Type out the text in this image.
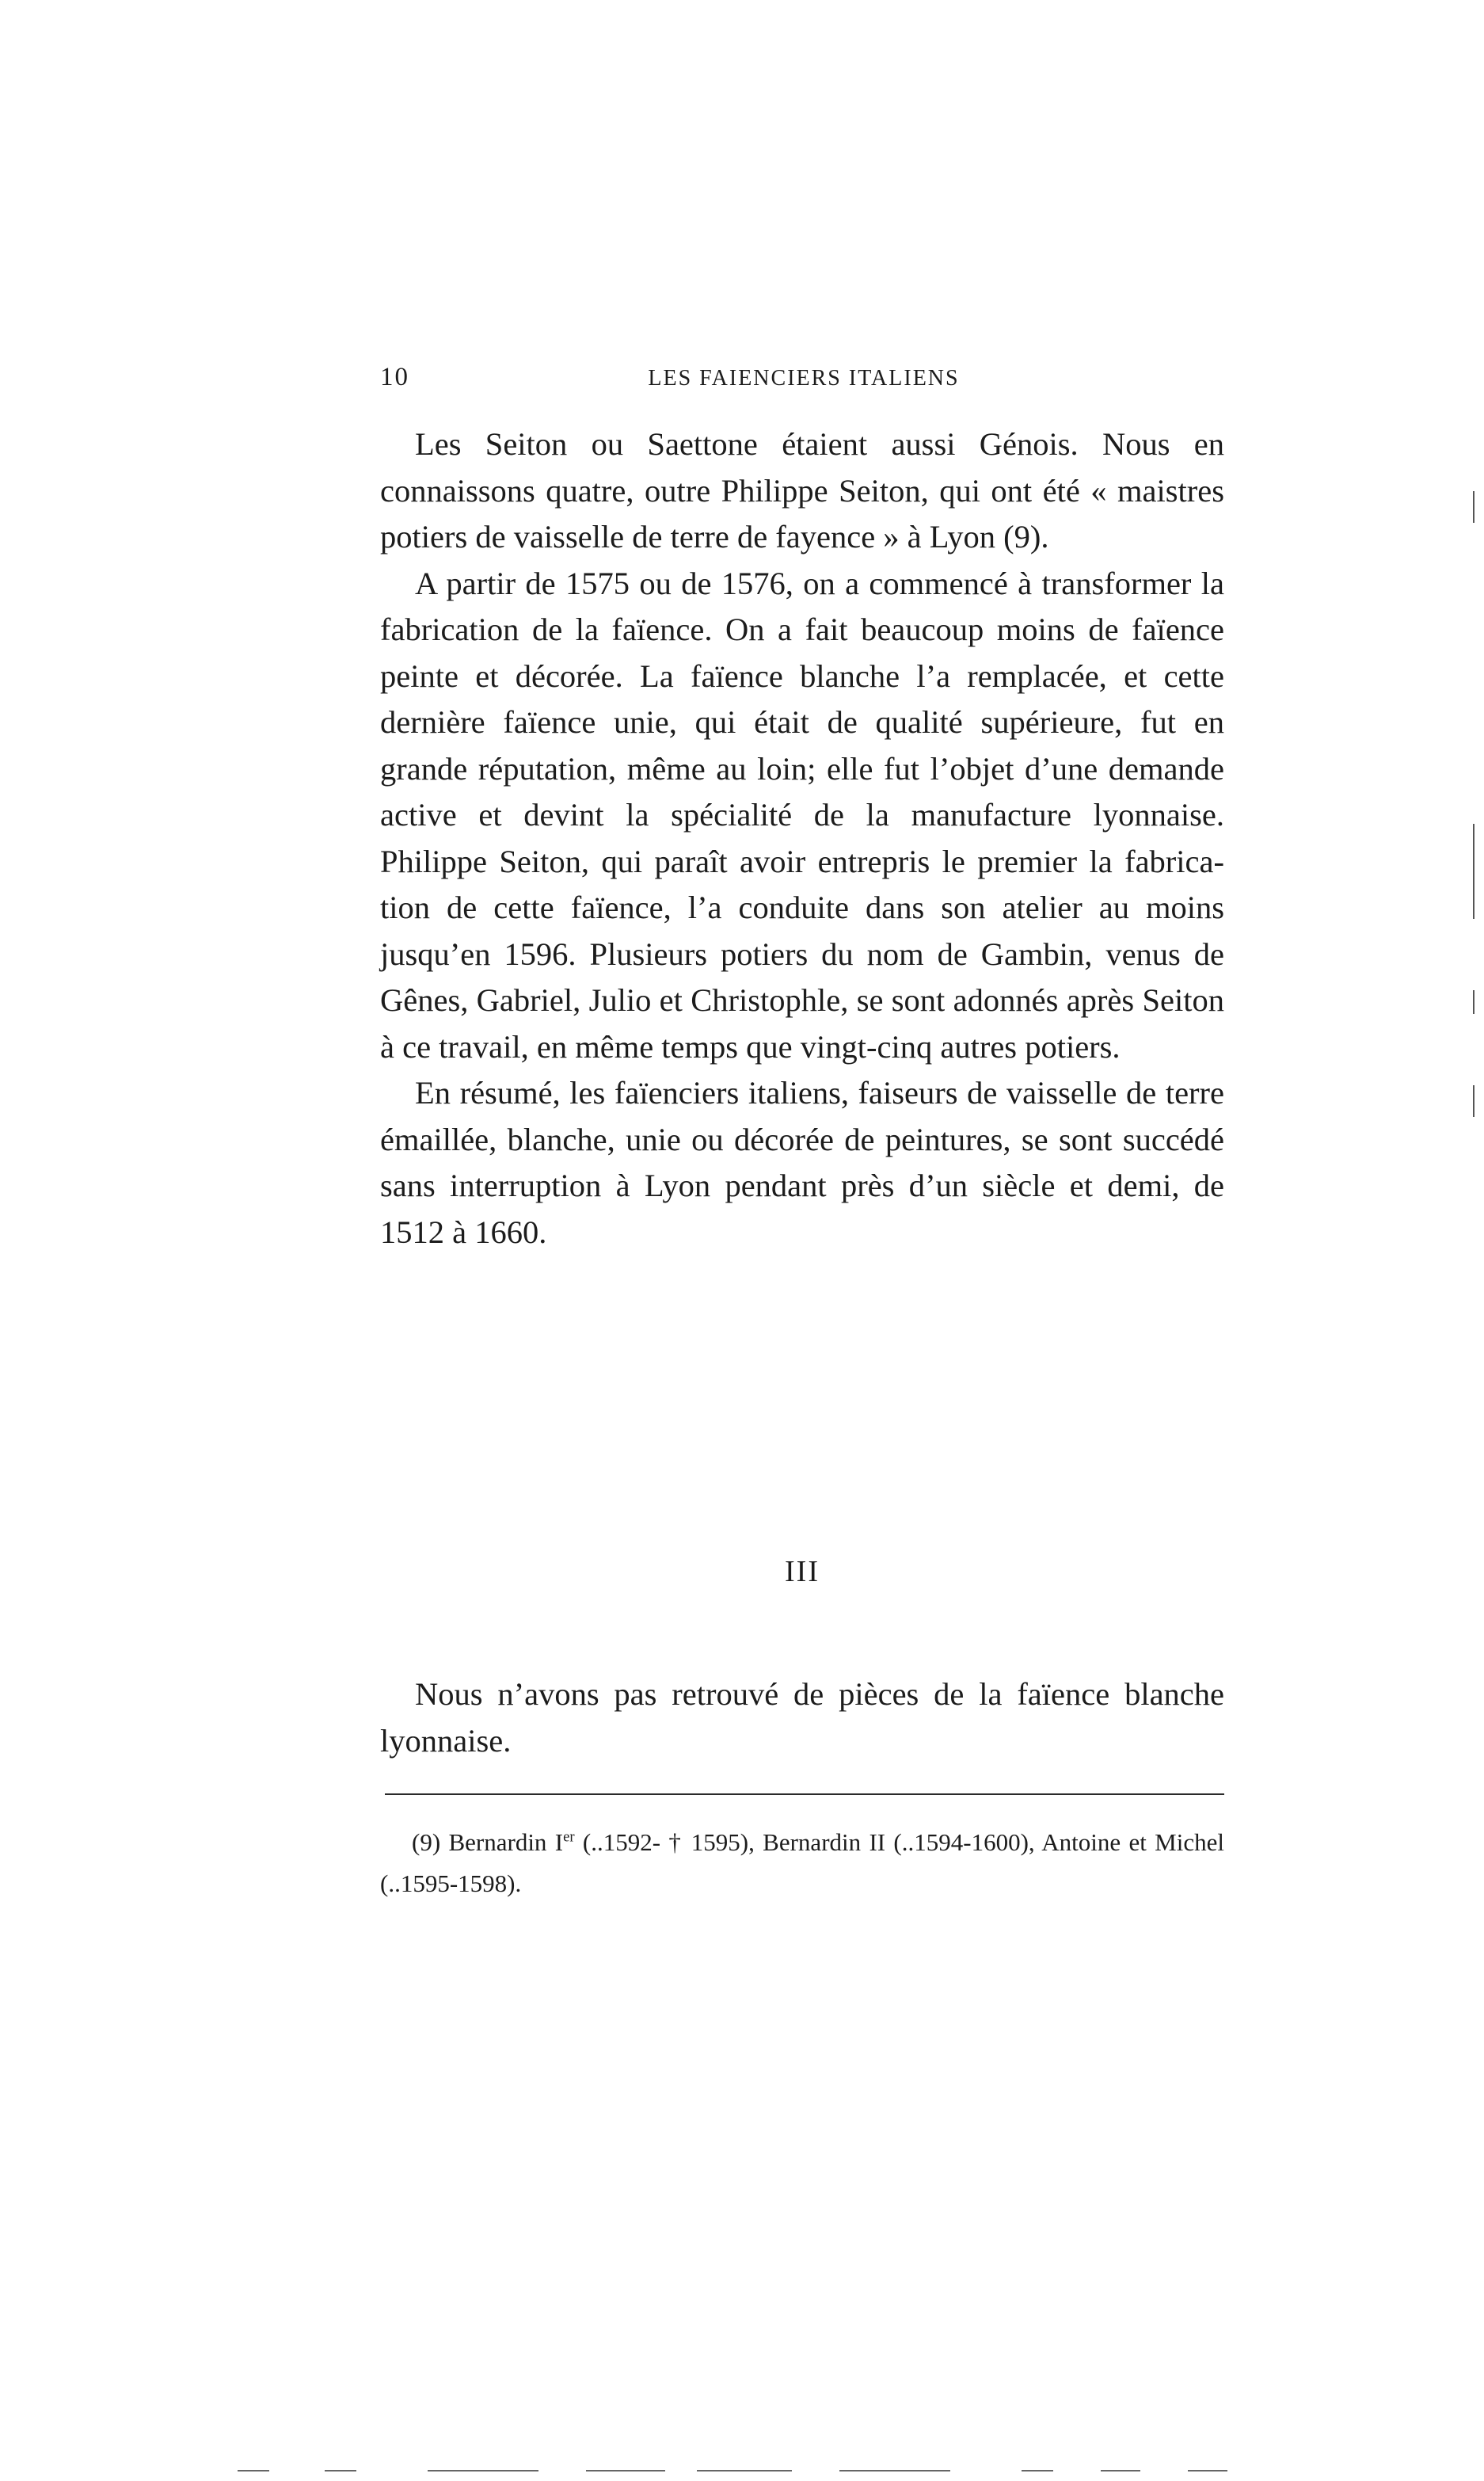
10	LES FAIENCIERS ITALIENS

Les Seiton ou Saettone étaient aussi Génois. Nous en connaissons quatre, outre Philippe Seiton, qui ont été « maistres potiers de vaisselle de terre de fayence » à Lyon (9).

A partir de 1575 ou de 1576, on a commencé à transformer la fabrication de la faïence. On a fait beaucoup moins de faïence peinte et décorée. La faïence blanche l’a remplacée, et cette dernière faïence unie, qui était de qualité supérieure, fut en grande réputation, même au loin; elle fut l’objet d’une demande active et devint la spécialité de la manufacture lyonnaise. Philippe Seiton, qui paraît avoir entrepris le premier la fabrication de cette faïence, l’a conduite dans son atelier au moins jusqu’en 1596. Plusieurs potiers du nom de Gambin, venus de Gênes, Gabriel, Julio et Christophle, se sont adonnés après Seiton à ce travail, en même temps que vingt-cinq autres potiers.

En résumé, les faïenciers italiens, faiseurs de vaisselle de terre émaillée, blanche, unie ou décorée de peintures, se sont succédé sans interruption à Lyon pendant près d’un siècle et demi, de 1512 à 1660.

III

Nous n’avons pas retrouvé de pièces de la faïence blanche lyonnaise.

(9) Bernardin Ier (..1592- † 1595), Bernardin II (..1594-1600), Antoine et Michel (..1595-1598).
